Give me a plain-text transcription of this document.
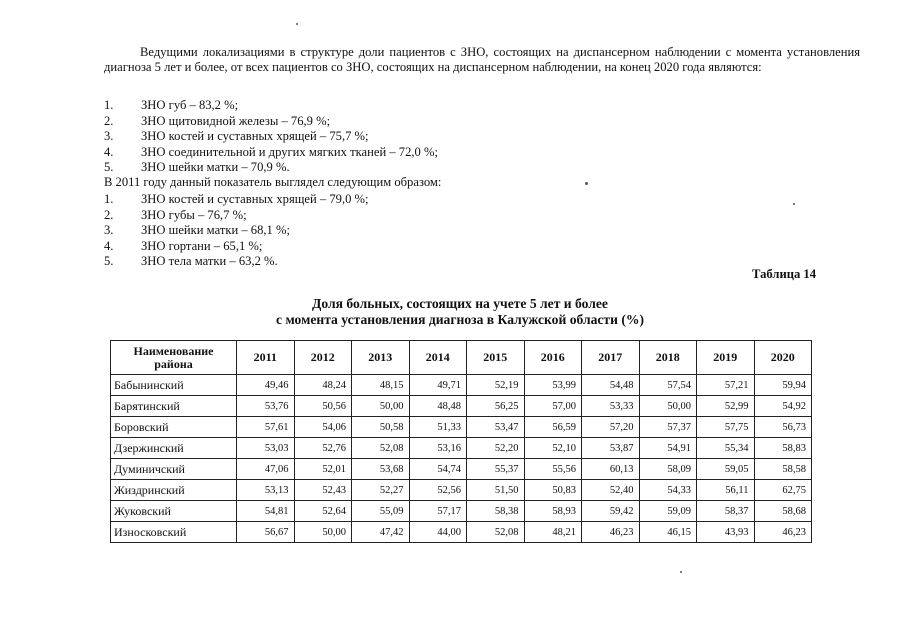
Ведущими локализациями в структуре доли пациентов с ЗНО, состоящих на диспансерном наблюдении с момента установления диагноза 5 лет и более, от всех пациентов со ЗНО, состоящих на диспансерном наблюдении, на конец 2020 года являются:

1. ЗНО губ – 83,2 %;
2. ЗНО щитовидной железы – 76,9 %;
3. ЗНО костей и суставных хрящей – 75,7 %;
4. ЗНО соединительной и других мягких тканей – 72,0 %;
5. ЗНО шейки матки – 70,9 %.

В 2011 году данный показатель выглядел следующим образом:

1. ЗНО костей и суставных хрящей – 79,0 %;
2. ЗНО губы – 76,7 %;
3. ЗНО шейки матки – 68,1 %;
4. ЗНО гортани – 65,1 %;
5. ЗНО тела матки – 63,2 %.

Таблица 14

Доля больных, состоящих на учете 5 лет и более
с момента установления диагноза в Калужской области (%)

Наименование района	2011	2012	2013	2014	2015	2016	2017	2018	2019	2020
Бабынинский	49,46	48,24	48,15	49,71	52,19	53,99	54,48	57,54	57,21	59,94
Барятинский	53,76	50,56	50,00	48,48	56,25	57,00	53,33	50,00	52,99	54,92
Боровский	57,61	54,06	50,58	51,33	53,47	56,59	57,20	57,37	57,75	56,73
Дзержинский	53,03	52,76	52,08	53,16	52,20	52,10	53,87	54,91	55,34	58,83
Думиничский	47,06	52,01	53,68	54,74	55,37	55,56	60,13	58,09	59,05	58,58
Жиздринский	53,13	52,43	52,27	52,56	51,50	50,83	52,40	54,33	56,11	62,75
Жуковский	54,81	52,64	55,09	57,17	58,38	58,93	59,42	59,09	58,37	58,68
Износковский	56,67	50,00	47,42	44,00	52,08	48,21	46,23	46,15	43,93	46,23
